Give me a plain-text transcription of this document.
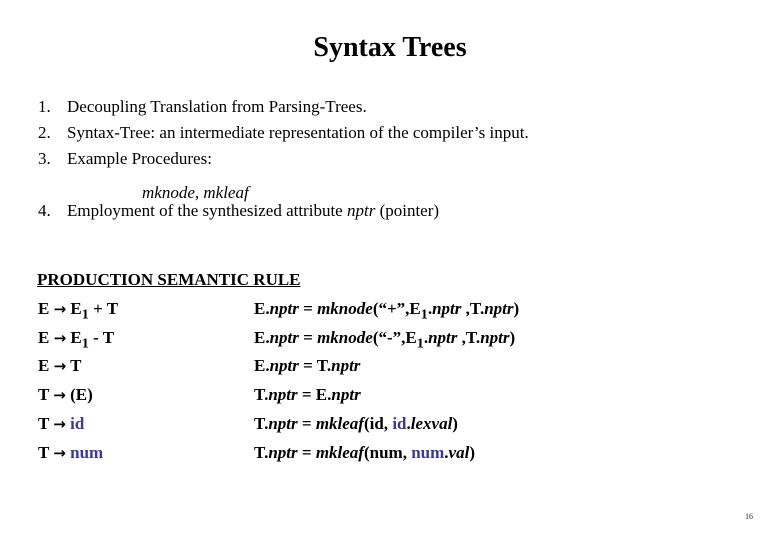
Syntax Trees
mknode, mkleaf
PRODUCTION SEMANTIC RULE
$E \to E_1 + T$	E.nptr = $mknode(“+”,E_1.nptr$ ,T.nptr)
$E \to E_1 - T$	E.nptr = $mknode(“-”,E_1.nptr$ ,T.nptr)
E → T	E.nptr = T.nptr
T → (E)	T.nptr = E.nptr
T → id	T.nptr = mkleaf(id, id.lexval)
T → num	T.nptr = mkleaf(num, num.val)
16
1. Decoupling Translation from Parsing-Trees.
2. Syntax-Tree: an intermediate representation of the compiler’s input.
3. Example Procedures:
4. Employment of the synthesized attribute nptr (pointer)
